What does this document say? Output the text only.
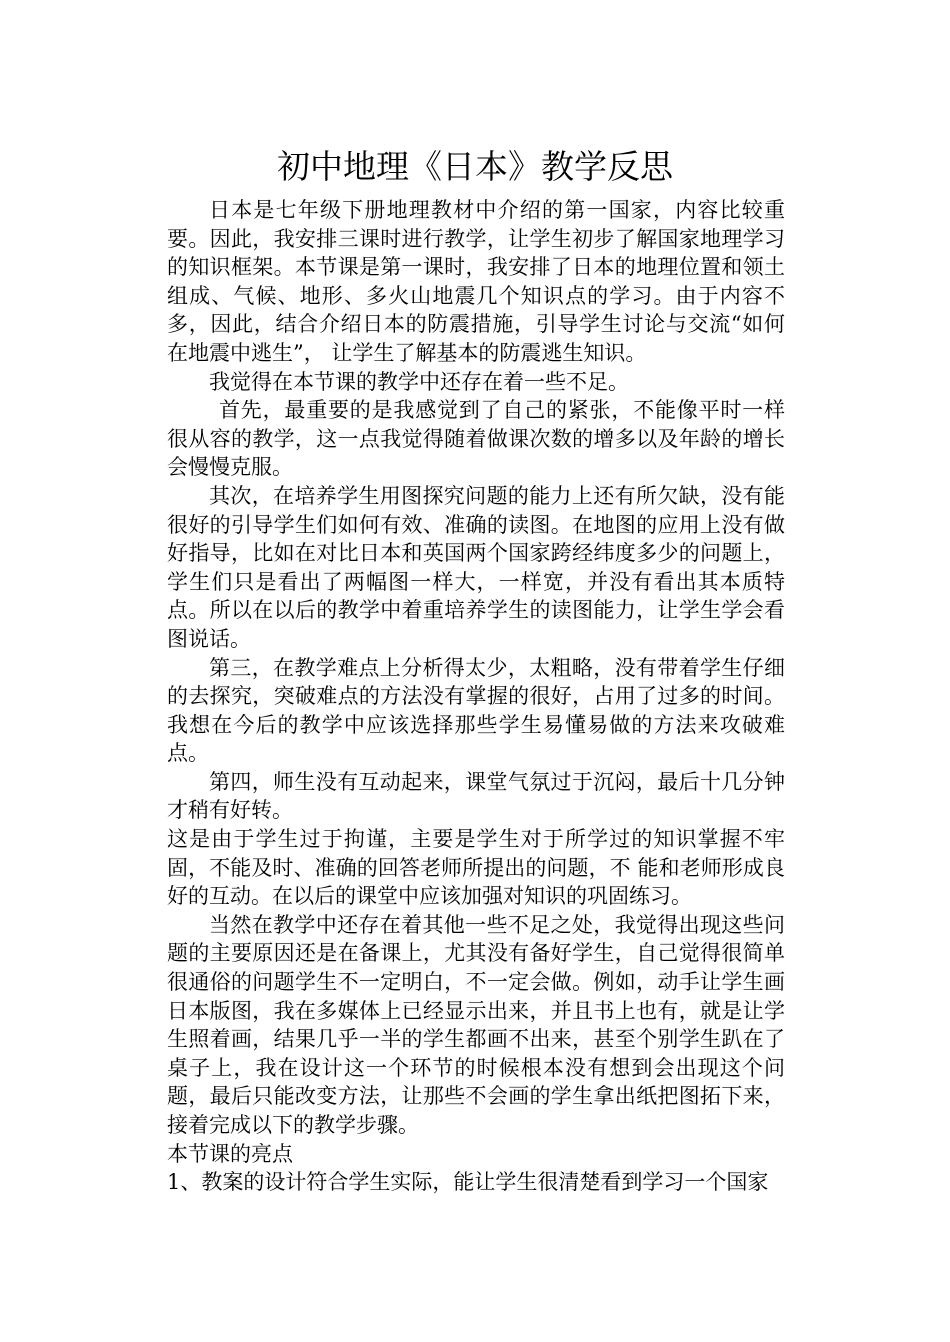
初中地理《日本》教学反思

日本是七年级下册地理教材中介绍的第一国家，内容比较重要。因此，我安排三课时进行教学，让学生初步了解国家地理学习的知识框架。本节课是第一课时，我安排了日本的地理位置和领土组成、气候、地形、多火山地震几个知识点的学习。由于内容不多，因此，结合介绍日本的防震措施，引导学生讨论与交流“如何在地震中逃生”， 让学生了解基本的防震逃生知识。

我觉得在本节课的教学中还存在着一些不足。

首先，最重要的是我感觉到了自己的紧张，不能像平时一样很从容的教学，这一点我觉得随着做课次数的增多以及年龄的增长会慢慢克服。

其次，在培养学生用图探究问题的能力上还有所欠缺，没有能很好的引导学生们如何有效、准确的读图。在地图的应用上没有做好指导，比如在对比日本和英国两个国家跨经纬度多少的问题上，学生们只是看出了两幅图一样大，一样宽，并没有看出其本质特点。所以在以后的教学中着重培养学生的读图能力，让学生学会看图说话。

第三，在教学难点上分析得太少，太粗略，没有带着学生仔细的去探究，突破难点的方法没有掌握的很好，占用了过多的时间。我想在今后的教学中应该选择那些学生易懂易做的方法来攻破难点。

第四，师生没有互动起来，课堂气氛过于沉闷，最后十几分钟才稍有好转。

这是由于学生过于拘谨，主要是学生对于所学过的知识掌握不牢固，不能及时、准确的回答老师所提出的问题，不 能和老师形成良好的互动。在以后的课堂中应该加强对知识的巩固练习。

当然在教学中还存在着其他一些不足之处，我觉得出现这些问题的主要原因还是在备课上，尤其没有备好学生，自己觉得很简单很通俗的问题学生不一定明白，不一定会做。例如，动手让学生画日本版图，我在多媒体上已经显示出来，并且书上也有，就是让学生照着画，结果几乎一半的学生都画不出来，甚至个别学生趴在了桌子上，我在设计这一个环节的时候根本没有想到会出现这个问题，最后只能改变方法，让那些不会画的学生拿出纸把图拓下来，接着完成以下的教学步骤。

本节课的亮点

1、教案的设计符合学生实际，能让学生很清楚看到学习一个国家
